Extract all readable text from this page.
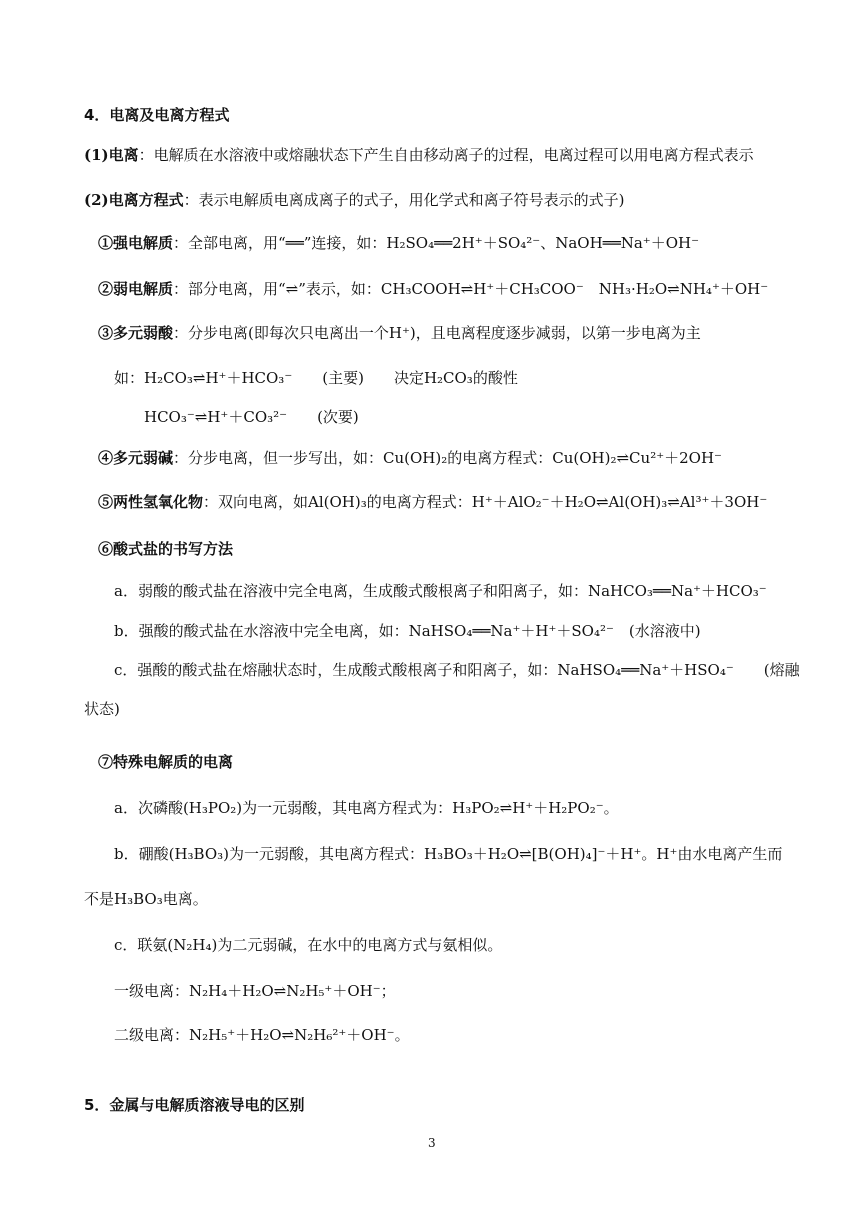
4．电离及电离方程式
(1)电离：电解质在水溶液中或熔融状态下产生自由移动离子的过程，电离过程可以用电离方程式表示
(2)电离方程式：表示电解质电离成离子的式子，用化学式和离子符号表示的式子)
①强电解质：全部电离，用“══”连接，如：H₂SO₄══2H⁺＋SO₄²⁻、NaOH══Na⁺＋OH⁻
②弱电解质：部分电离，用“⇌”表示，如：CH₃COOH⇌H⁺＋CH₃COO⁻　NH₃·H₂O⇌NH₄⁺＋OH⁻
③多元弱酸：分步电离(即每次只电离出一个H⁺)，且电离程度逐步减弱，以第一步电离为主
如：H₂CO₃⇌H⁺＋HCO₃⁻　　(主要)　　决定H₂CO₃的酸性
HCO₃⁻⇌H⁺＋CO₃²⁻　　(次要)
④多元弱碱：分步电离，但一步写出，如：Cu(OH)₂的电离方程式：Cu(OH)₂⇌Cu²⁺＋2OH⁻
⑤两性氢氧化物：双向电离，如Al(OH)₃的电离方程式：H⁺＋AlO₂⁻＋H₂O⇌Al(OH)₃⇌Al³⁺＋3OH⁻
⑥酸式盐的书写方法
a．弱酸的酸式盐在溶液中完全电离，生成酸式酸根离子和阳离子，如：NaHCO₃══Na⁺＋HCO₃⁻
b．强酸的酸式盐在水溶液中完全电离，如：NaHSO₄══Na⁺＋H⁺＋SO₄²⁻　(水溶液中)
c．强酸的酸式盐在熔融状态时，生成酸式酸根离子和阳离子，如：NaHSO₄══Na⁺＋HSO₄⁻　　(熔融
状态)
⑦特殊电解质的电离
a．次磷酸(H₃PO₂)为一元弱酸，其电离方程式为：H₃PO₂⇌H⁺＋H₂PO₂⁻。
b．硼酸(H₃BO₃)为一元弱酸，其电离方程式：H₃BO₃＋H₂O⇌[B(OH)₄]⁻＋H⁺。H⁺由水电离产生而
不是H₃BO₃电离。
c．联氨(N₂H₄)为二元弱碱，在水中的电离方式与氨相似。
一级电离：N₂H₄＋H₂O⇌N₂H₅⁺＋OH⁻；
二级电离：N₂H₅⁺＋H₂O⇌N₂H₆²⁺＋OH⁻。
5．金属与电解质溶液导电的区别
3
